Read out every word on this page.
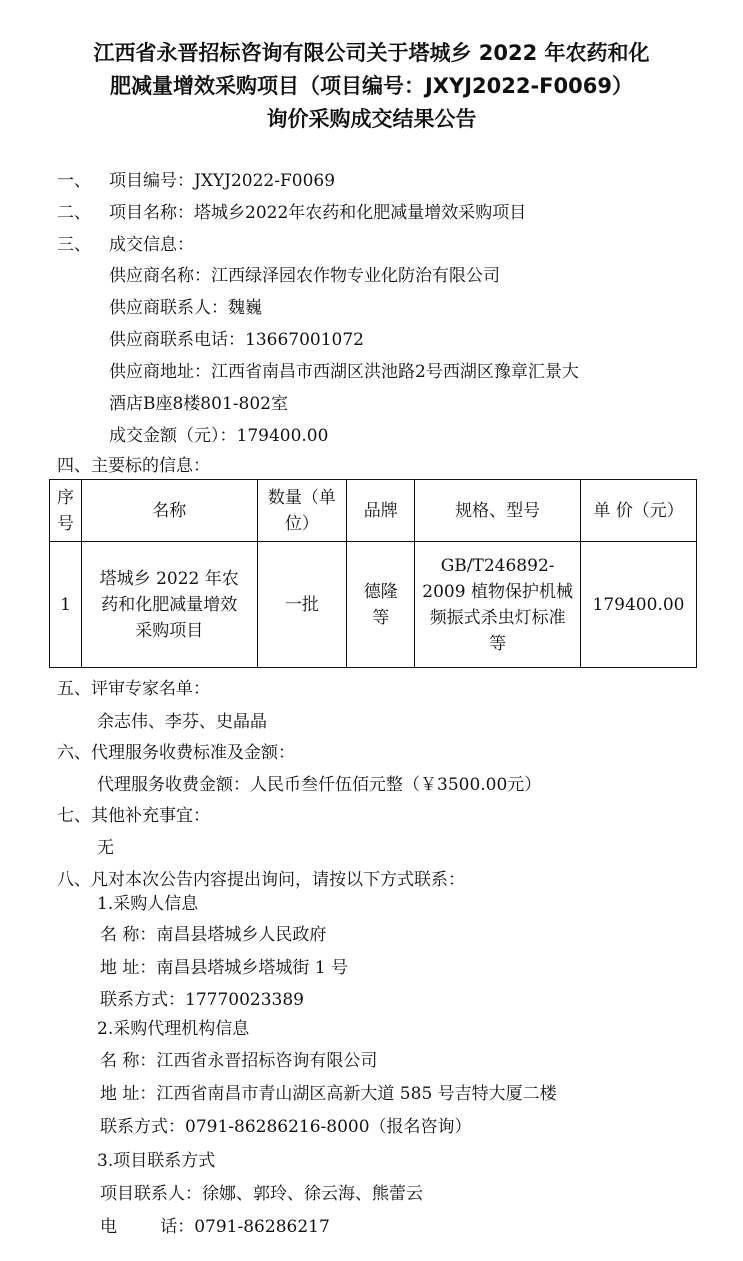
江西省永晋招标咨询有限公司关于塔城乡 2022 年农药和化
肥减量增效采购项目（项目编号：JXYJ2022-F0069）
询价采购成交结果公告
一、 项目编号：JXYJ2022-F0069
二、 项目名称：塔城乡2022年农药和化肥减量增效采购项目
三、 成交信息：
供应商名称：江西绿泽园农作物专业化防治有限公司
供应商联系人：魏巍
供应商联系电话：13667001072
供应商地址：江西省南昌市西湖区洪池路2号西湖区豫章汇景大
酒店B座8楼801-802室
成交金额（元）：179400.00
四、主要标的信息：
序号	名称	数量（单位）	品牌	规格、型号	单 价（元）
1	塔城乡 2022 年农药和化肥减量增效采购项目	一批	德隆等	GB/T246892-2009 植物保护机械 频振式杀虫灯标准等	179400.00
五、评审专家名单：
余志伟、李芬、史晶晶
六、代理服务收费标准及金额：
代理服务收费金额：人民币叁仟伍佰元整（￥3500.00元）
七、其他补充事宜：
无
八、凡对本次公告内容提出询问，请按以下方式联系：
1.采购人信息
名 称：南昌县塔城乡人民政府
地 址：南昌县塔城乡塔城街 1 号
联系方式：17770023389
2.采购代理机构信息
名 称：江西省永晋招标咨询有限公司
地 址：江西省南昌市青山湖区高新大道 585 号吉特大厦二楼
联系方式：0791-86286216-8000（报名咨询）
3.项目联系方式
项目联系人：徐娜、郭玲、徐云海、熊蕾云
电        话：0791-86286217
